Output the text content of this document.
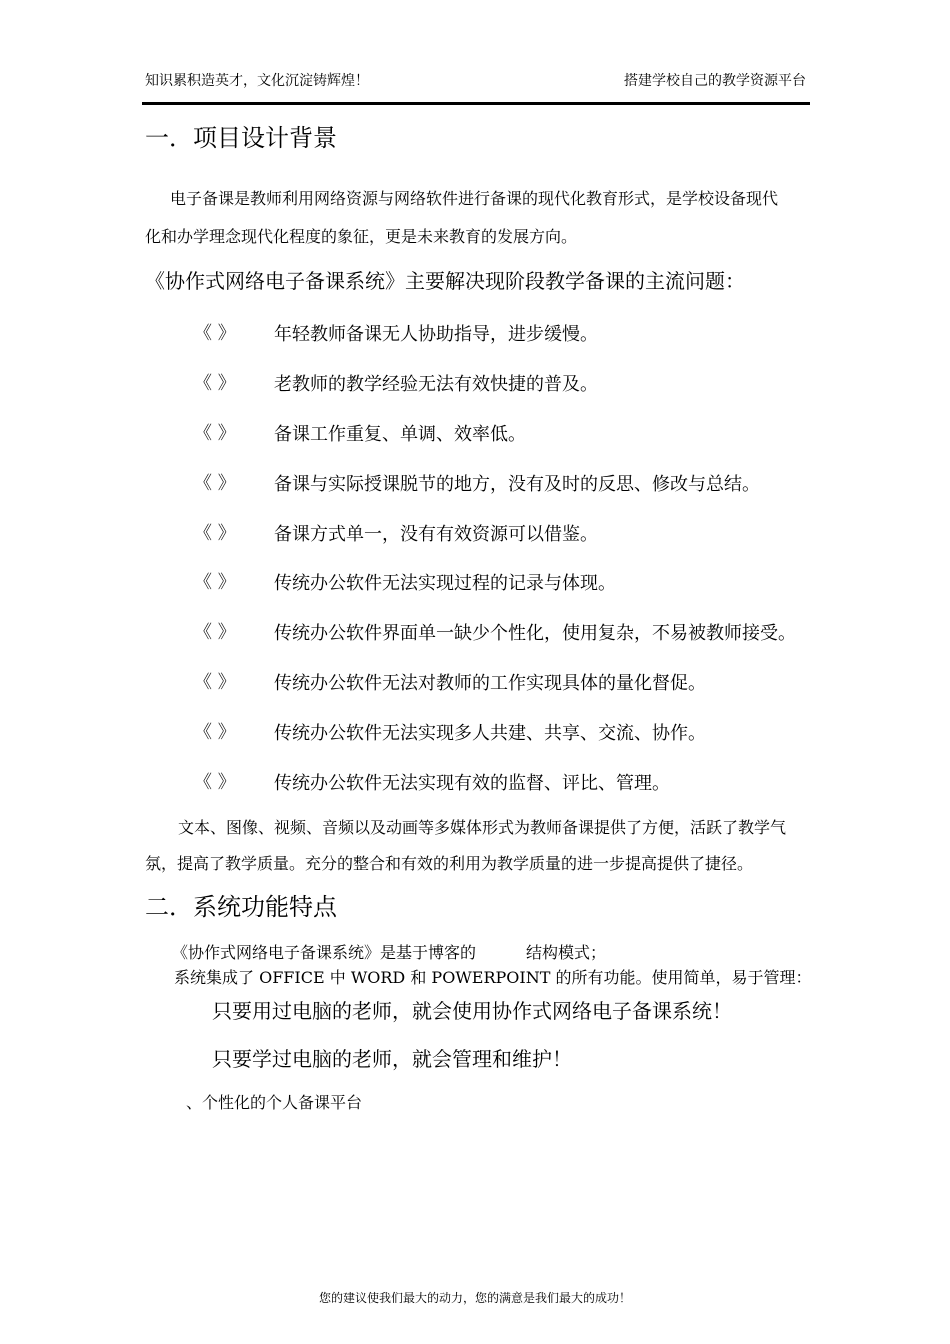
知识累积造英才，文化沉淀铸辉煌！	搭建学校自己的教学资源平台
一．项目设计背景
电子备课是教师利用网络资源与网络软件进行备课的现代化教育形式，是学校设备现代
化和办学理念现代化程度的象征，更是未来教育的发展方向。
《协作式网络电子备课系统》主要解决现阶段教学备课的主流问题：
《 》 年轻教师备课无人协助指导，进步缓慢。
《 》 老教师的教学经验无法有效快捷的普及。
《 》 备课工作重复、单调、效率低。
《 》 备课与实际授课脱节的地方，没有及时的反思、修改与总结。
《 》 备课方式单一，没有有效资源可以借鉴。
《 》 传统办公软件无法实现过程的记录与体现。
《 》 传统办公软件界面单一缺少个性化，使用复杂，不易被教师接受。
《 》 传统办公软件无法对教师的工作实现具体的量化督促。
《 》 传统办公软件无法实现多人共建、共享、交流、协作。
《 》 传统办公软件无法实现有效的监督、评比、管理。
文本、图像、视频、音频以及动画等多媒体形式为教师备课提供了方便，活跃了教学气
氛，提高了教学质量。充分的整合和有效的利用为教学质量的进一步提高提供了捷径。
二．系统功能特点
《协作式网络电子备课系统》是基于博客的	结构模式；
系统集成了 OFFICE 中 WORD 和 POWERPOINT 的所有功能。使用简单，易于管理：
只要用过电脑的老师，就会使用协作式网络电子备课系统！
只要学过电脑的老师，就会管理和维护！
、个性化的个人备课平台
您的建议使我们最大的动力，您的满意是我们最大的成功！
